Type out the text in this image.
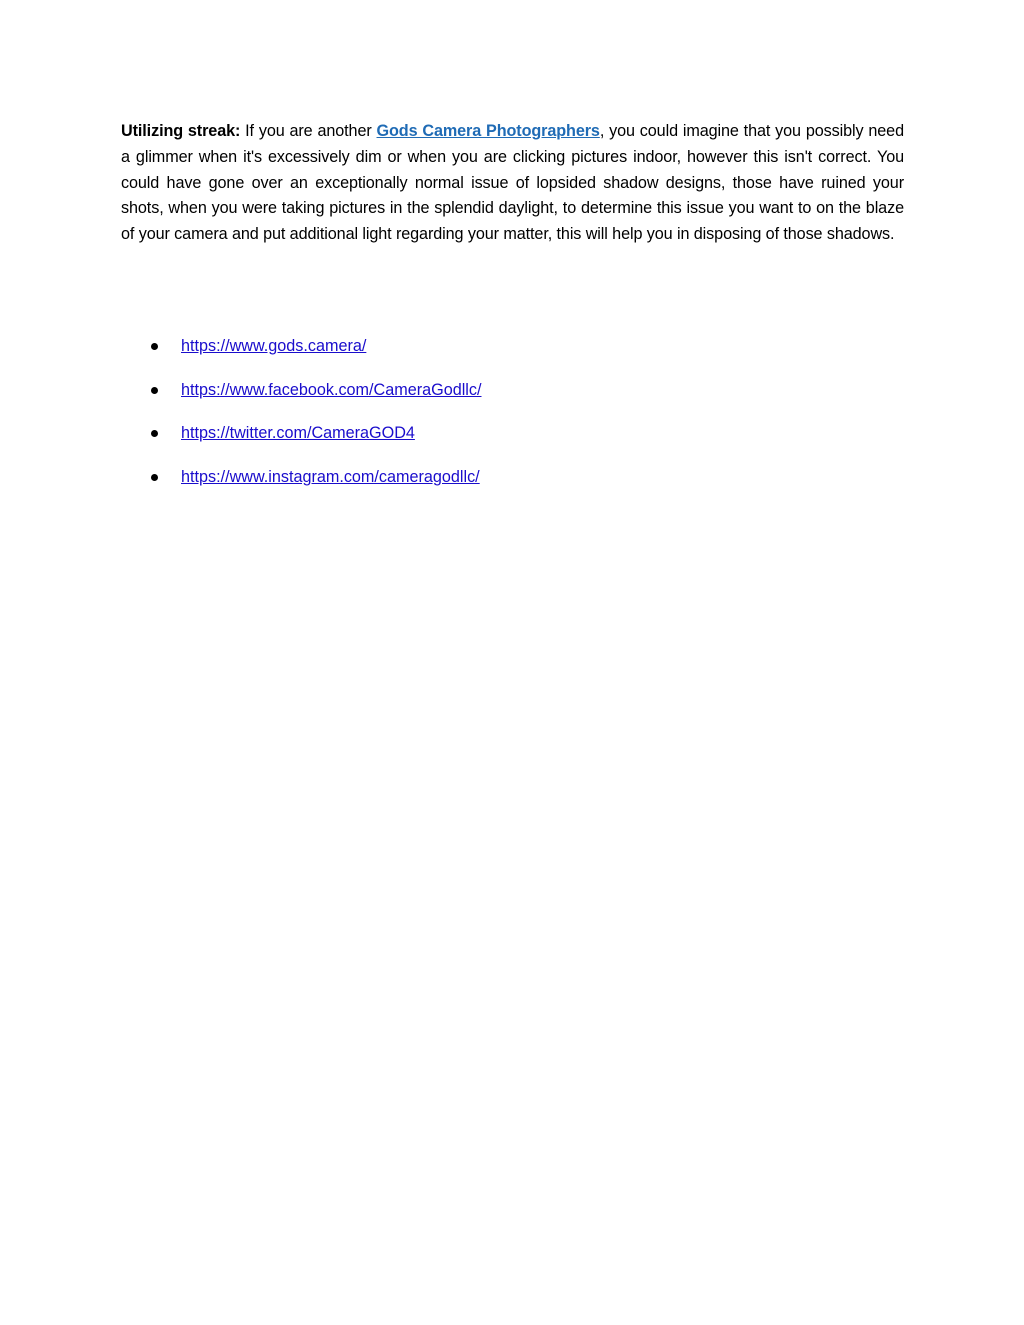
Utilizing streak: If you are another Gods Camera Photographers, you could imagine that you possibly need a glimmer when it's excessively dim or when you are clicking pictures indoor, however this isn't correct. You could have gone over an exceptionally normal issue of lopsided shadow designs, those have ruined your shots, when you were taking pictures in the splendid daylight, to determine this issue you want to on the blaze of your camera and put additional light regarding your matter, this will help you in disposing of those shadows.

https://www.gods.camera/
https://www.facebook.com/CameraGodllc/
https://twitter.com/CameraGOD4
https://www.instagram.com/cameragodllc/
